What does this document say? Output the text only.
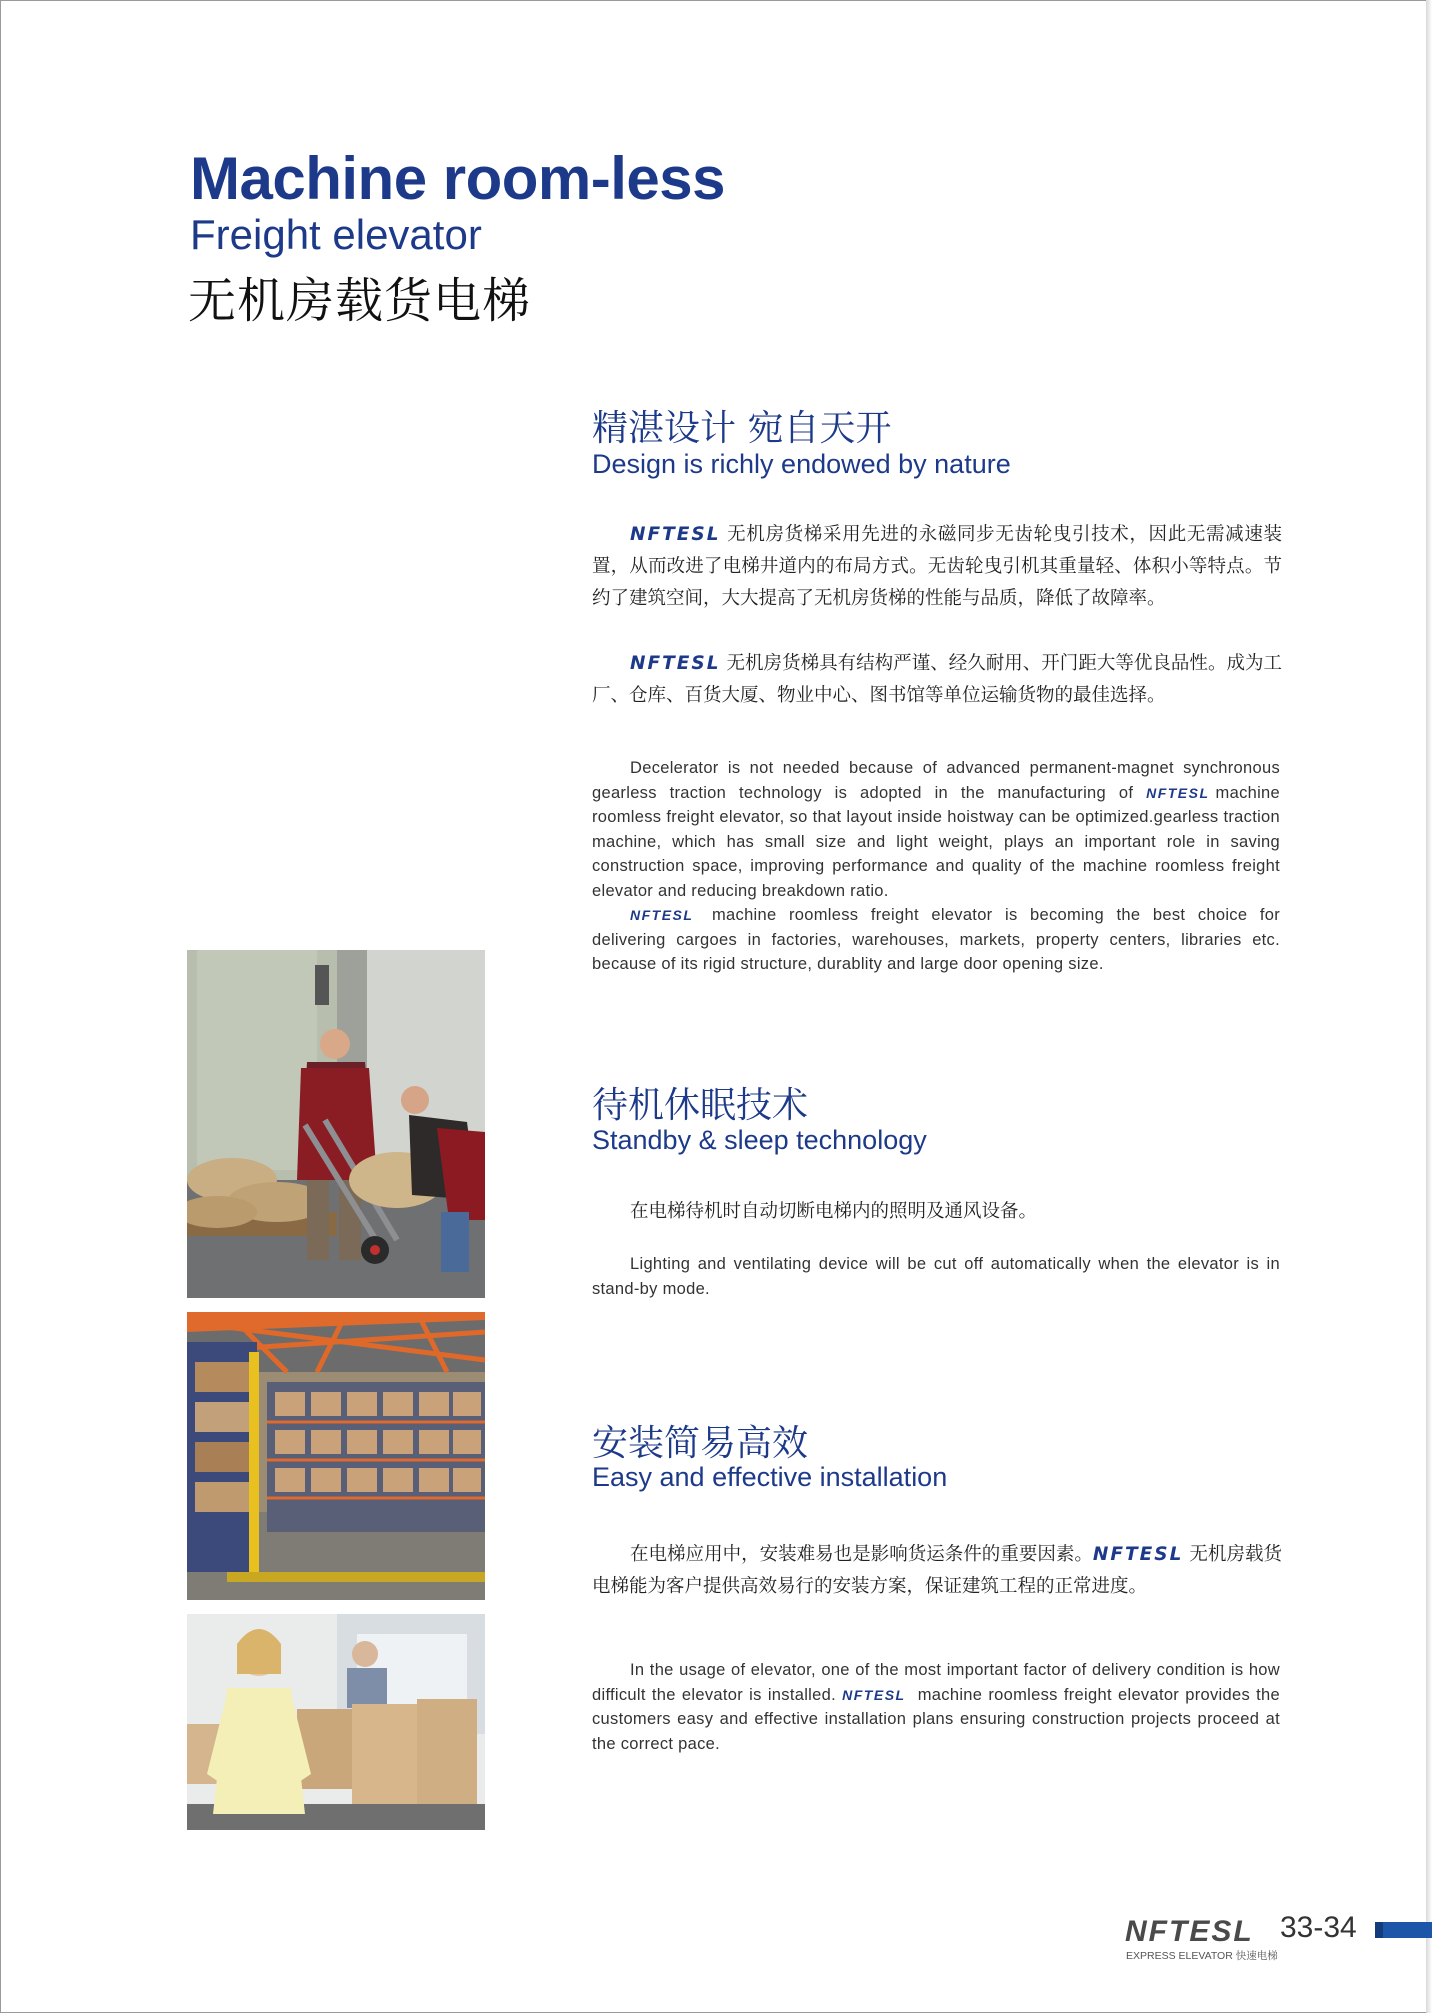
Machine room-less
Freight elevator
无机房载货电梯
精湛设计 宛自天开
Design is richly endowed by nature
NFTESL 无机房货梯采用先进的永磁同步无齿轮曳引技术，因此无需减速装置，从而改进了电梯井道内的布局方式。无齿轮曳引机其重量轻、体积小等特点。节约了建筑空间，大大提高了无机房货梯的性能与品质，降低了故障率。
NFTESL 无机房货梯具有结构严谨、经久耐用、开门距大等优良品性。成为工厂、仓库、百货大厦、物业中心、图书馆等单位运输货物的最佳选择。
Decelerator is not needed because of advanced permanent-magnet synchronous gearless traction technology is adopted in the manufacturing of NFTESL machine roomless freight elevator, so that layout inside hoistway can be optimized.gearless traction machine, which has small size and light weight, plays an important role in saving construction space, improving performance and quality of the machine roomless freight elevator and reducing breakdown ratio.
NFTESL machine roomless freight elevator is becoming the best choice for delivering cargoes in factories, warehouses, markets, property centers, libraries etc. because of its rigid structure, durablity and large door opening size.
待机休眠技术
Standby & sleep technology
在电梯待机时自动切断电梯内的照明及通风设备。
Lighting and ventilating device will be cut off automatically when the elevator is in stand-by mode.
安装简易高效
Easy and effective installation
在电梯应用中，安装难易也是影响货运条件的重要因素。NFTESL 无机房载货电梯能为客户提供高效易行的安装方案，保证建筑工程的正常进度。
In the usage of elevator, one of the most important factor of delivery condition is how difficult the elevator is installed. NFTESL machine roomless freight elevator provides the customers easy and effective installation plans ensuring construction projects proceed at the correct pace.
NFTESL
EXPRESS ELEVATOR 快速电梯
33-34
